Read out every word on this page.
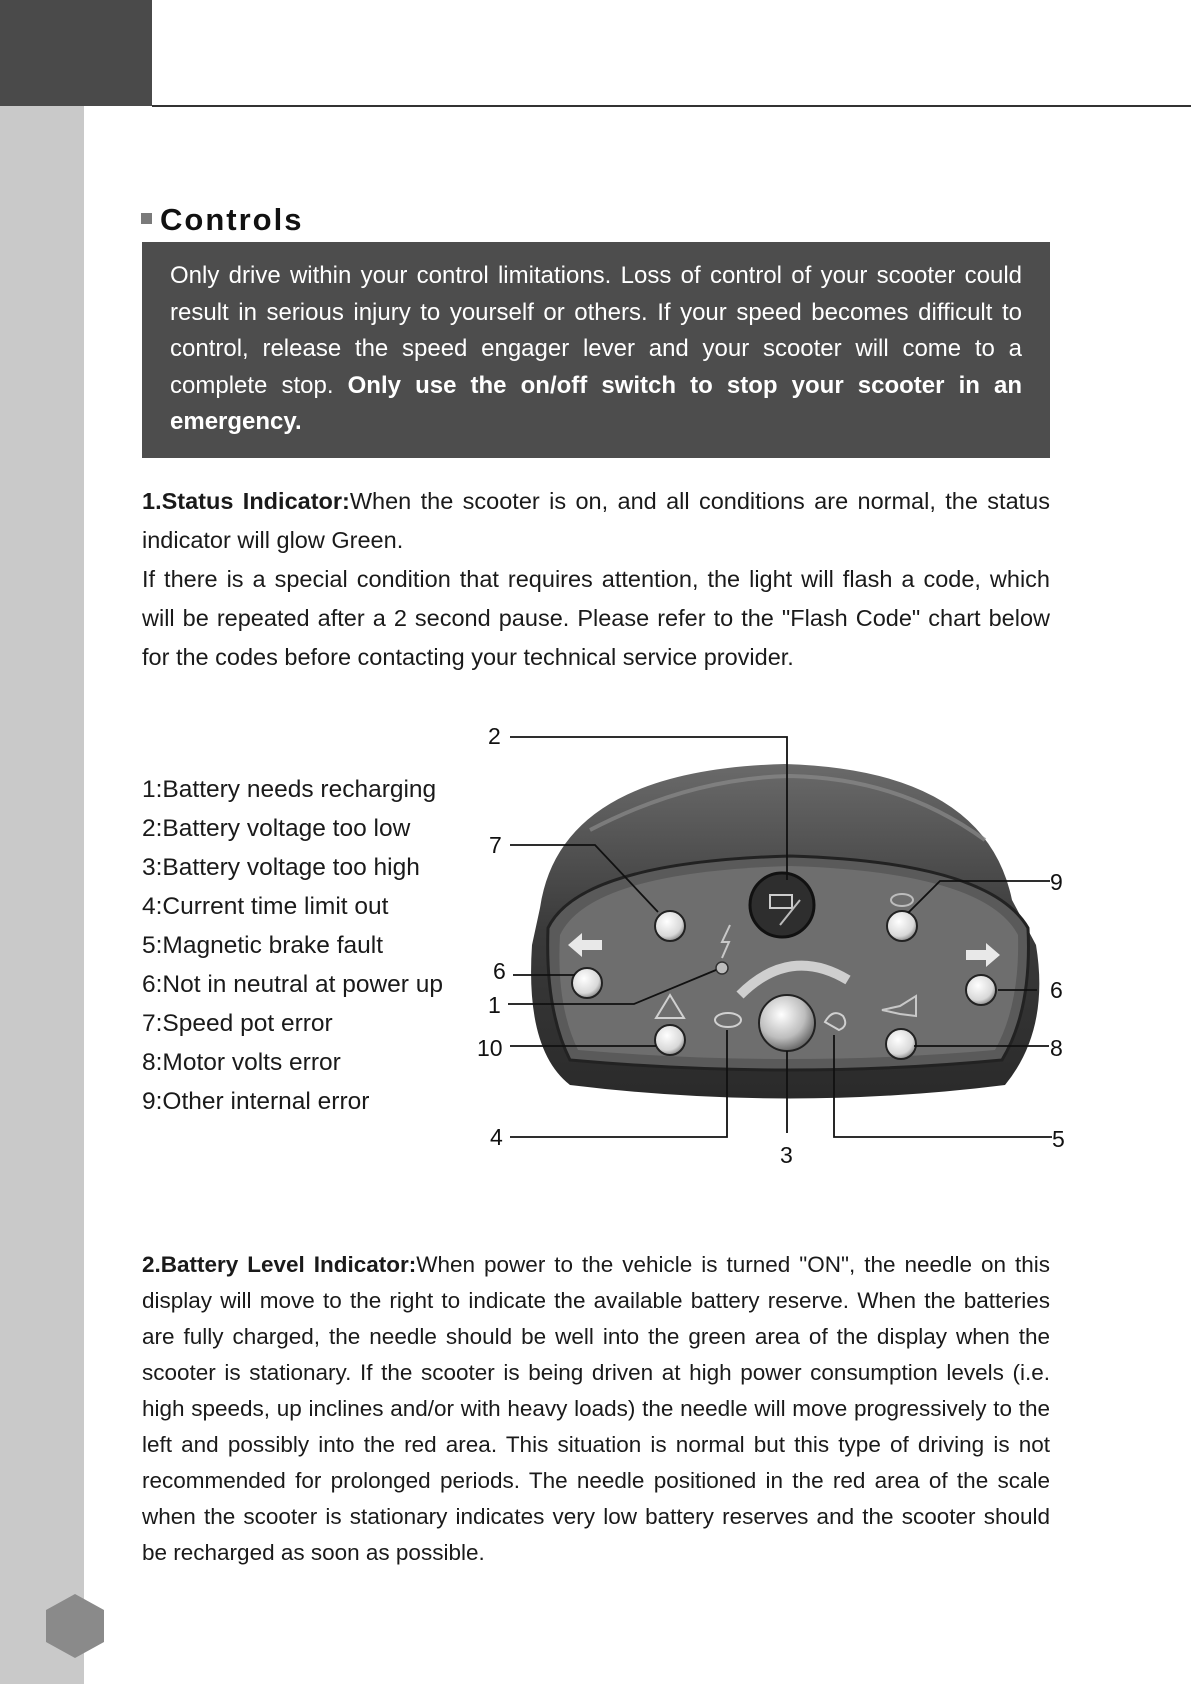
Controls
Only drive within your control limitations. Loss of control of your scooter could result in serious injury to yourself or others. If your speed becomes difficult to control, release the speed engager lever and your scooter will come to a complete stop. Only use the on/off switch to stop your scooter in an emergency.
1.Status Indicator:When the scooter is on, and all conditions are normal, the status indicator will glow Green.
If there is a special condition that requires attention, the light will flash a code, which will be repeated after a 2 second pause. Please refer to the "Flash Code" chart below for the codes before contacting your technical service provider.
1:Battery needs recharging
2:Battery voltage too low
3:Battery voltage too high
4:Current time limit out
5:Magnetic brake fault
6:Not in neutral at power up
7:Speed pot error
8:Motor volts error
9:Other internal error
2
7
9
6
1
6
10	8
4
3
5
2.Battery Level Indicator:When power to the vehicle is turned "ON", the needle on this display will move to the right to indicate the available battery reserve. When the batteries are fully charged, the needle should be well into the green area of the display when the scooter is stationary. If the scooter is being driven at high power consumption levels (i.e. high speeds, up inclines and/or with heavy loads) the needle will move progressively to the left and possibly into the red area. This situation is normal but this type of driving is not recommended for prolonged periods. The needle positioned in the red area of the scale when the scooter is stationary indicates very low battery reserves and the scooter should be recharged as soon as possible.
